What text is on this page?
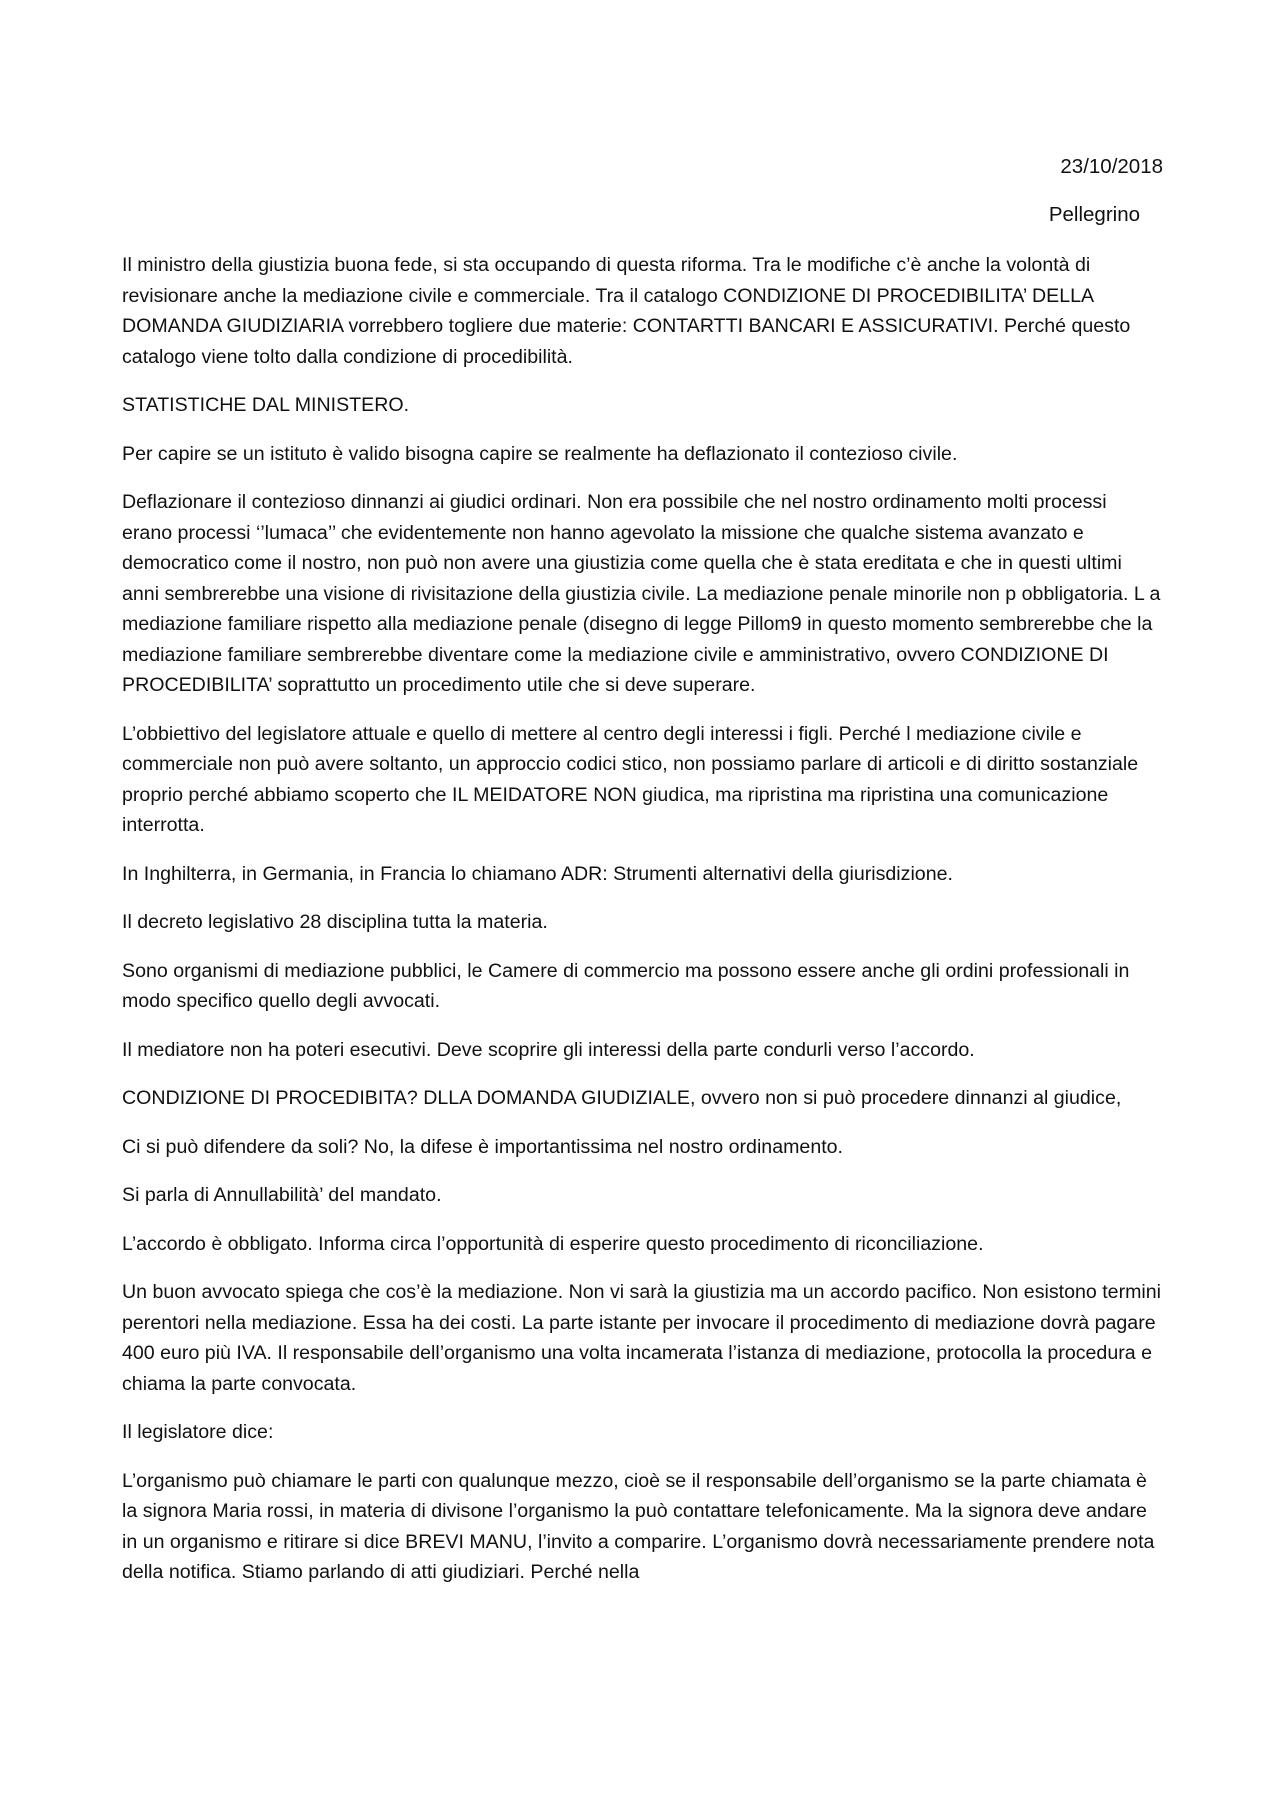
23/10/2018

Pellegrino

Il ministro della giustizia buona fede, si sta occupando di questa riforma. Tra le modifiche c’è anche la volontà di revisionare anche la mediazione civile e commerciale. Tra il catalogo CONDIZIONE DI PROCEDIBILITA’ DELLA DOMANDA GIUDIZIARIA vorrebbero togliere due materie: CONTARTTI BANCARI E ASSICURATIVI. Perché questo catalogo viene tolto dalla condizione di procedibilità.

STATISTICHE DAL MINISTERO.

Per capire se un istituto è valido bisogna capire se realmente ha deflazionato il contezioso civile.

Deflazionare il contezioso dinnanzi ai giudici ordinari. Non era possibile che nel nostro ordinamento molti processi erano processi ‘’lumaca’’ che evidentemente non hanno agevolato la missione che qualche sistema avanzato e democratico come il nostro, non può non avere una giustizia come quella che è stata ereditata e che in questi ultimi anni sembrerebbe una visione di rivisitazione della giustizia civile. La mediazione penale minorile non p obbligatoria. L a mediazione familiare rispetto alla mediazione penale (disegno di legge Pillom9 in questo momento sembrerebbe che la mediazione familiare sembrerebbe diventare come la mediazione civile e amministrativo, ovvero CONDIZIONE DI PROCEDIBILITA’ soprattutto un procedimento utile che si deve superare.

L’obbiettivo del legislatore attuale e quello di mettere al centro degli interessi i figli. Perché l mediazione civile e commerciale non può avere soltanto, un approccio codici stico, non possiamo parlare di articoli e di diritto sostanziale proprio perché abbiamo scoperto che IL MEIDATORE NON giudica, ma ripristina ma ripristina una comunicazione interrotta.

In Inghilterra, in Germania, in Francia lo chiamano ADR: Strumenti alternativi della giurisdizione.

Il decreto legislativo 28 disciplina tutta la materia.

Sono organismi di mediazione pubblici, le Camere di commercio ma possono essere anche gli ordini professionali in modo specifico quello degli avvocati.

Il mediatore non ha poteri esecutivi. Deve scoprire gli interessi della parte condurli verso l’accordo.

CONDIZIONE DI PROCEDIBITA? DLLA DOMANDA GIUDIZIALE, ovvero non si può procedere dinnanzi al giudice,

Ci si può difendere da soli? No, la difese è importantissima nel nostro ordinamento.

Si parla di Annullabilità’ del mandato.

L’accordo è obbligato. Informa circa l’opportunità di esperire questo procedimento di riconciliazione.

Un buon avvocato spiega che cos’è la mediazione. Non vi sarà la giustizia ma un accordo pacifico. Non esistono termini perentori nella mediazione. Essa ha dei costi. La parte istante per invocare il procedimento di mediazione dovrà pagare 400 euro più IVA. Il responsabile dell’organismo una volta incamerata l’istanza di mediazione, protocolla la procedura e chiama la parte convocata.

Il legislatore dice:

L’organismo può chiamare le parti con qualunque mezzo, cioè se il responsabile dell’organismo se la parte chiamata è la signora Maria rossi, in materia di divisone l’organismo la può contattare telefonicamente. Ma la signora deve andare in un organismo e ritirare si dice BREVI MANU, l’invito a comparire. L’organismo dovrà necessariamente prendere nota della notifica. Stiamo parlando di atti giudiziari. Perché nella
